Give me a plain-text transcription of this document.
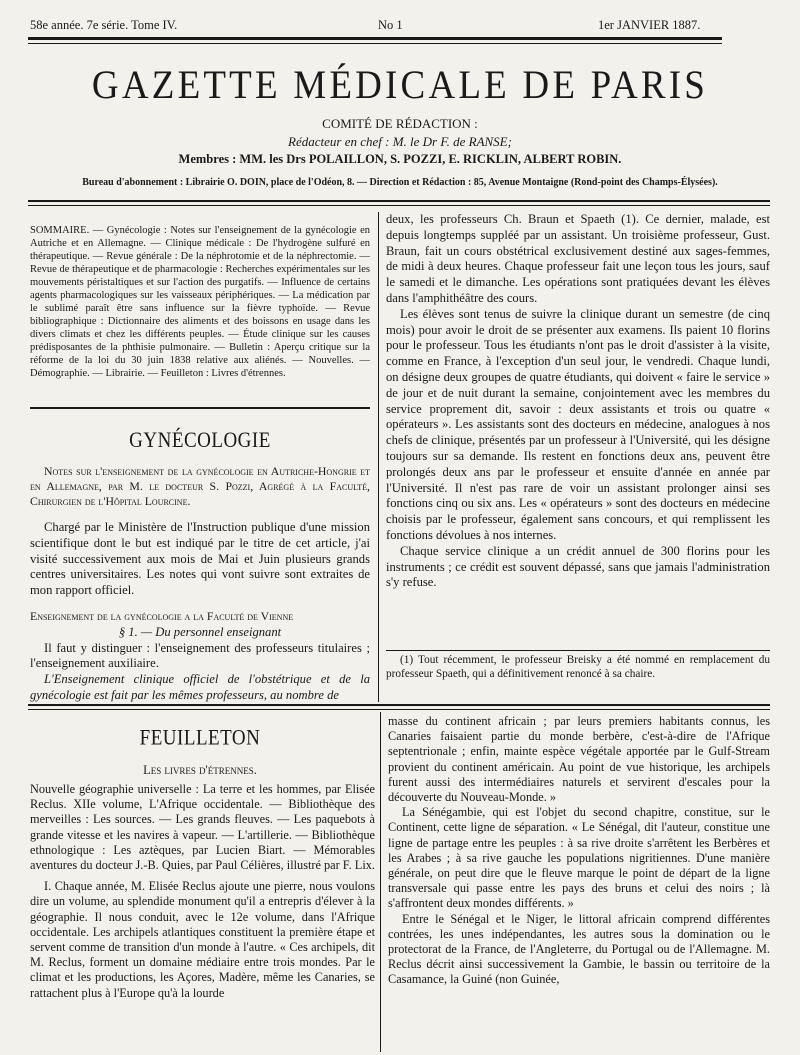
58e année. 7e série. Tome IV.	No 1	1er JANVIER 1887.
GAZETTE MÉDICALE DE PARIS
COMITÉ DE RÉDACTION :
Rédacteur en chef : M. le Dr F. de RANSE;
Membres : MM. les Drs POLAILLON, S. POZZI, E. RICKLIN, ALBERT ROBIN.
Bureau d'abonnement : Librairie O. DOIN, place de l'Odéon, 8. — Direction et Rédaction : 85, Avenue Montaigne (Rond-point des Champs-Élysées).

SOMMAIRE. — Gynécologie : Notes sur l'enseignement de la gynécologie en Autriche et en Allemagne. — Clinique médicale : De l'hydrogène sulfuré en thérapeutique. — Revue générale : De la néphrotomie et de la néphrectomie. — Revue de thérapeutique et de pharmacologie : Recherches expérimentales sur les mouvements péristaltiques et sur l'action des purgatifs. — Influence de certains agents pharmacologiques sur les vaisseaux périphériques. — La médication par le sublimé paraît être sans influence sur la fièvre typhoïde. — Revue bibliographique : Dictionnaire des aliments et des boissons en usage dans les divers climats et chez les différents peuples. — Étude clinique sur les causes prédisposantes de la phthisie pulmonaire. — Bulletin : Aperçu critique sur la réforme de la loi du 30 juin 1838 relative aux aliénés. — Nouvelles. — Démographie. — Librairie. — Feuilleton : Livres d'étrennes.

GYNÉCOLOGIE

Notes sur l'enseignement de la gynécologie en Autriche-Hongrie et en Allemagne, par M. le docteur S. Pozzi, Agrégé à la Faculté, Chirurgien de l'Hôpital Lourcine.

Chargé par le Ministère de l'Instruction publique d'une mission scientifique dont le but est indiqué par le titre de cet article, j'ai visité successivement aux mois de Mai et Juin plusieurs grands centres universitaires. Les notes qui vont suivre sont extraites de mon rapport officiel.

Enseignement de la gynécologie a la Faculté de Vienne

§ 1. — Du personnel enseignant

Il faut y distinguer : l'enseignement des professeurs titulaires ; l'enseignement auxiliaire.

L'Enseignement clinique officiel de l'obstétrique et de la gynécologie est fait par les mêmes professeurs, au nombre de

deux, les professeurs Ch. Braun et Spaeth (1). Ce dernier, malade, est depuis longtemps suppléé par un assistant. Un troisième professeur, Gust. Braun, fait un cours obstétrical exclusivement destiné aux sages-femmes, de midi à deux heures. Chaque professeur fait une leçon tous les jours, sauf le samedi et le dimanche. Les opérations sont pratiquées devant les élèves dans l'amphithéâtre des cours.

Les élèves sont tenus de suivre la clinique durant un semestre (de cinq mois) pour avoir le droit de se présenter aux examens. Ils paient 10 florins pour le professeur. Tous les étudiants n'ont pas le droit d'assister à la visite, comme en France, à l'exception d'un seul jour, le vendredi. Chaque lundi, on désigne deux groupes de quatre étudiants, qui doivent « faire le service » de jour et de nuit durant la semaine, conjointement avec les membres du service proprement dit, savoir : deux assistants et trois ou quatre « opérateurs ». Les assistants sont des docteurs en médecine, analogues à nos chefs de clinique, présentés par un professeur à l'Université, qui les désigne toujours sur sa demande. Ils restent en fonctions deux ans, peuvent être prolongés deux ans par le professeur et ensuite d'année en année par l'Université. Il n'est pas rare de voir un assistant prolonger ainsi ses fonctions cinq ou six ans. Les « opérateurs » sont des docteurs en médecine choisis par le professeur, également sans concours, et qui remplissent les fonctions dévolues à nos internes.

Chaque service clinique a un crédit annuel de 300 florins pour les instruments ; ce crédit est souvent dépassé, sans que jamais l'administration s'y refuse.

(1) Tout récemment, le professeur Breisky a été nommé en remplacement du professeur Spaeth, qui a définitivement renoncé à sa chaire.

FEUILLETON
Les livres d'étrennes.

Nouvelle géographie universelle : La terre et les hommes, par Elisée Reclus. XIIe volume, L'Afrique occidentale. — Bibliothèque des merveilles : Les sources. — Les grands fleuves. — Les paquebots à grande vitesse et les navires à vapeur. — L'artillerie. — Bibliothèque ethnologique : Les aztèques, par Lucien Biart. — Mémorables aventures du docteur J.-B. Quies, par Paul Célières, illustré par F. Lix.

I. Chaque année, M. Elisée Reclus ajoute une pierre, nous voulons dire un volume, au splendide monument qu'il a entrepris d'élever à la géographie. Il nous conduit, avec le 12e volume, dans l'Afrique occidentale. Les archipels atlantiques constituent la première étape et servent comme de transition d'un monde à l'autre. « Ces archipels, dit M. Reclus, forment un domaine médiaire entre trois mondes. Par le climat et les productions, les Açores, Madère, même les Canaries, se rattachent plus à l'Europe qu'à la lourde

masse du continent africain ; par leurs premiers habitants connus, les Canaries faisaient partie du monde berbère, c'est-à-dire de l'Afrique septentrionale ; enfin, mainte espèce végétale apportée par le Gulf-Stream provient du continent américain. Au point de vue historique, les archipels furent aussi des intermédiaires naturels et servirent d'escales pour la découverte du Nouveau-Monde. »

La Sénégambie, qui est l'objet du second chapitre, constitue, sur le Continent, cette ligne de séparation. « Le Sénégal, dit l'auteur, constitue une ligne de partage entre les peuples : à sa rive droite s'arrêtent les Berbères et les Arabes ; à sa rive gauche les populations nigritiennes. D'une manière générale, on peut dire que le fleuve marque le point de départ de la ligne transversale qui passe entre les pays des bruns et celui des noirs ; là s'affrontent deux mondes différents. »

Entre le Sénégal et le Niger, le littoral africain comprend différentes contrées, les unes indépendantes, les autres sous la domination ou le protectorat de la France, de l'Angleterre, du Portugal ou de l'Allemagne. M. Reclus décrit ainsi successivement la Gambie, le bassin ou territoire de la Casamance, la Guiné (non Guinée,
